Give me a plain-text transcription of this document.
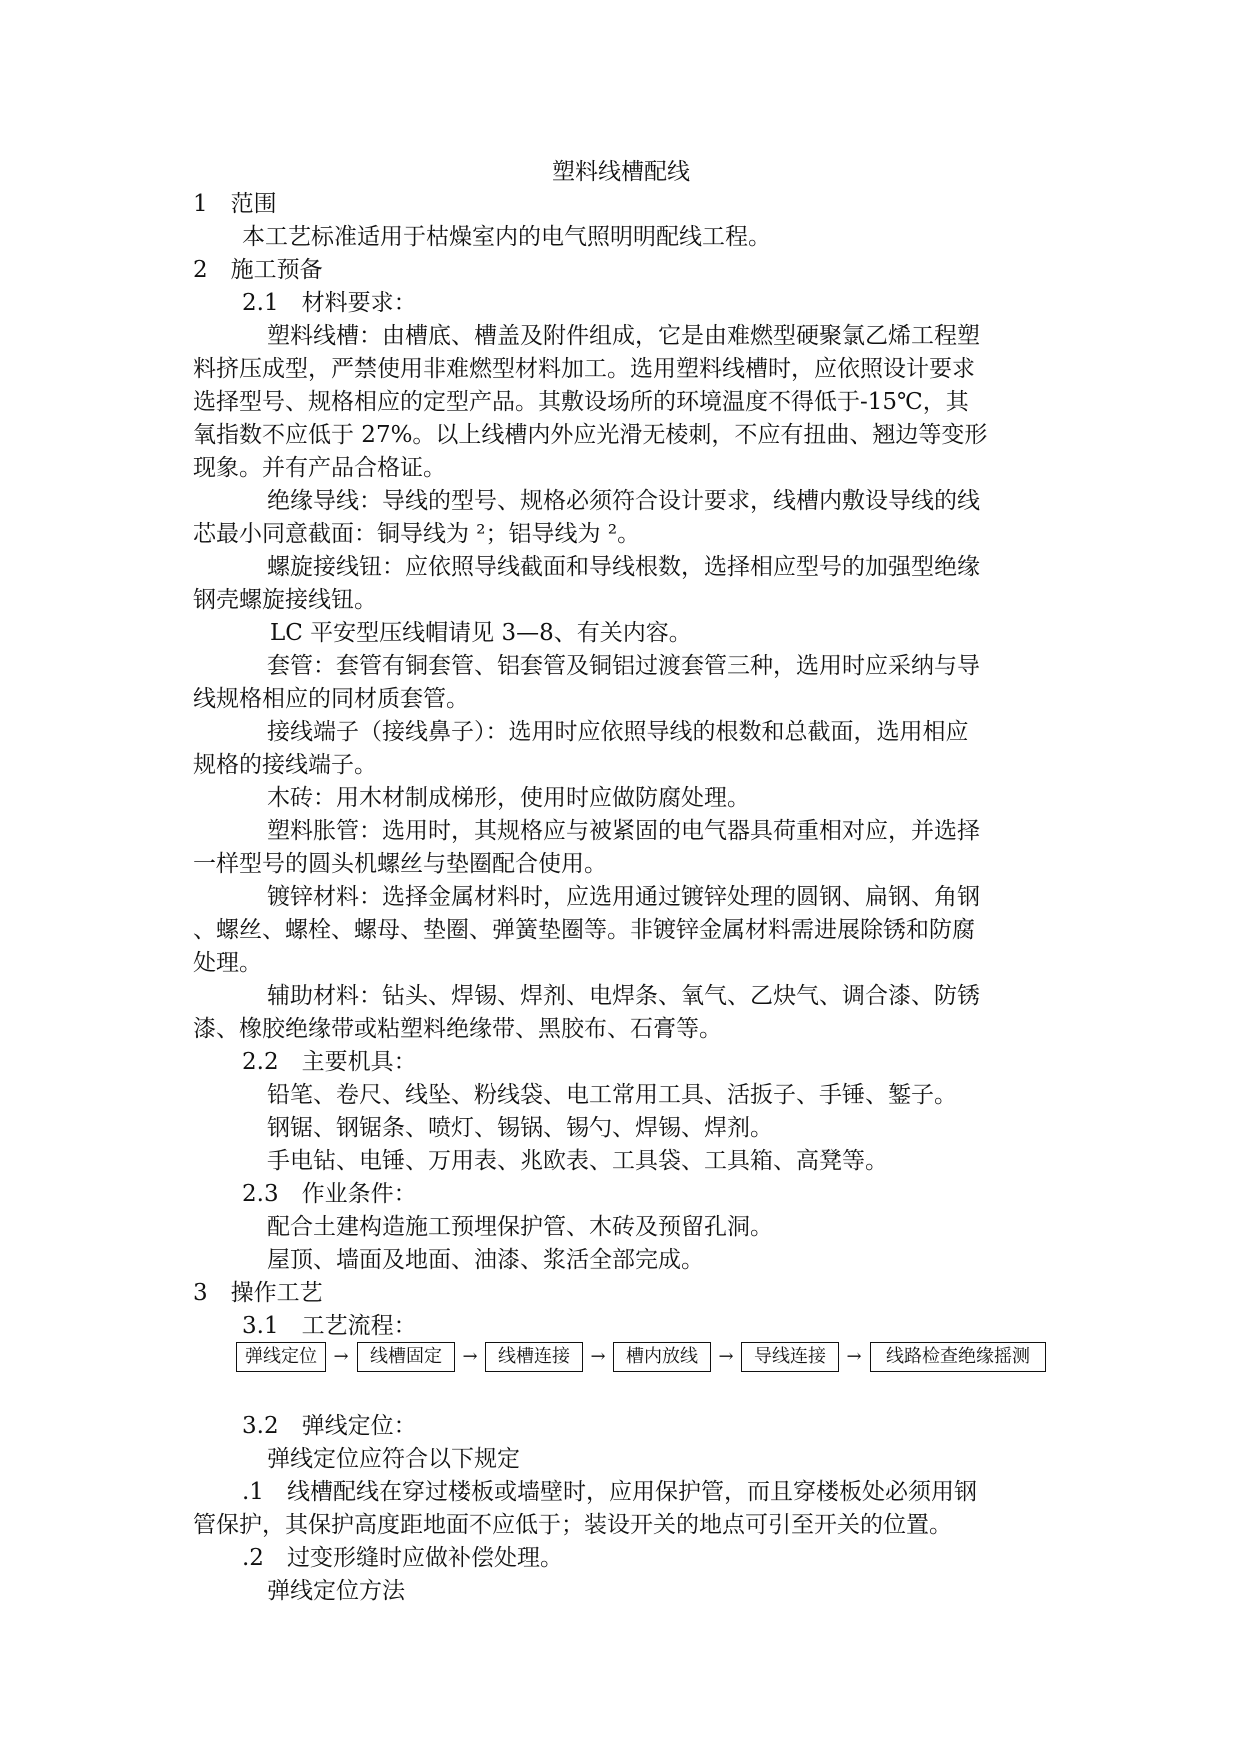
塑料线槽配线
1　范围
本工艺标准适用于枯燥室内的电气照明明配线工程。
2　施工预备
2.1　材料要求：
塑料线槽：由槽底、槽盖及附件组成，它是由难燃型硬聚氯乙烯工程塑
料挤压成型，严禁使用非难燃型材料加工。选用塑料线槽时，应依照设计要求
选择型号、规格相应的定型产品。其敷设场所的环境温度不得低于-15℃，其
氧指数不应低于 27%。以上线槽内外应光滑无棱刺，不应有扭曲、翘边等变形
现象。并有产品合格证。
绝缘导线：导线的型号、规格必须符合设计要求，线槽内敷设导线的线
芯最小同意截面：铜导线为 ²；铝导线为 ²。
螺旋接线钮：应依照导线截面和导线根数，选择相应型号的加强型绝缘
钢壳螺旋接线钮。
LC 平安型压线帽请见 3—8、有关内容。
套管：套管有铜套管、铝套管及铜铝过渡套管三种，选用时应采纳与导
线规格相应的同材质套管。
接线端子（接线鼻子）：选用时应依照导线的根数和总截面，选用相应
规格的接线端子。
木砖：用木材制成梯形，使用时应做防腐处理。
塑料胀管：选用时，其规格应与被紧固的电气器具荷重相对应，并选择
一样型号的圆头机螺丝与垫圈配合使用。
镀锌材料：选择金属材料时，应选用通过镀锌处理的圆钢、扁钢、角钢
、螺丝、螺栓、螺母、垫圈、弹簧垫圈等。非镀锌金属材料需进展除锈和防腐
处理。
辅助材料：钻头、焊锡、焊剂、电焊条、氧气、乙炔气、调合漆、防锈
漆、橡胶绝缘带或粘塑料绝缘带、黑胶布、石膏等。
2.2　主要机具：
铅笔、卷尺、线坠、粉线袋、电工常用工具、活扳子、手锤、錾子。
钢锯、钢锯条、喷灯、锡锅、锡勺、焊锡、焊剂。
手电钻、电锤、万用表、兆欧表、工具袋、工具箱、高凳等。
2.3　作业条件：
配合土建构造施工预埋保护管、木砖及预留孔洞。
屋顶、墙面及地面、油漆、浆活全部完成。
3　操作工艺
3.1　工艺流程：
弹线定位 →	线槽固定	→	线槽连接	→	槽内放线	→	导线连接	→	线路检查绝缘摇测
3.2　弹线定位：
弹线定位应符合以下规定
.1　线槽配线在穿过楼板或墙壁时，应用保护管，而且穿楼板处必须用钢
管保护，其保护高度距地面不应低于；装设开关的地点可引至开关的位置。
.2　过变形缝时应做补偿处理。
弹线定位方法
